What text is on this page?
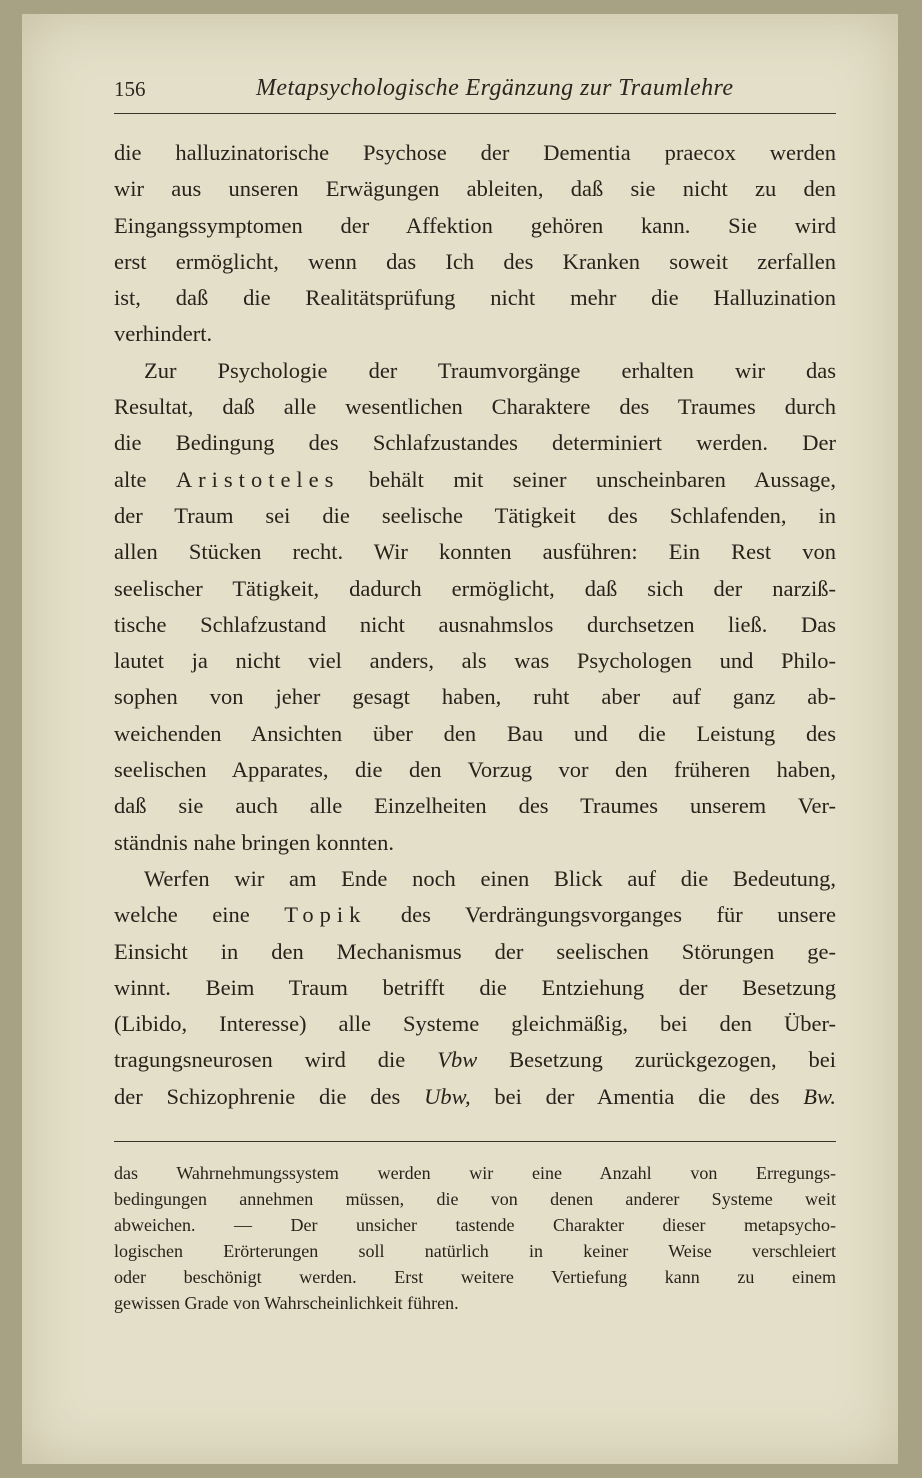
156	Metapsychologische Ergänzung zur Traumlehre

die halluzinatorische Psychose der Dementia praecox werden

wir aus unseren Erwägungen ableiten, daß sie nicht zu den

Eingangssymptomen der Affektion gehören kann. Sie wird

erst ermöglicht, wenn das Ich des Kranken soweit zerfallen

ist, daß die Realitätsprüfung nicht mehr die Halluzination

verhindert.

Zur Psychologie der Traumvorgänge erhalten wir das

Resultat, daß alle wesentlichen Charaktere des Traumes durch

die Bedingung des Schlafzustandes determiniert werden. Der

alte Aristoteles behält mit seiner unscheinbaren Aussage,

der Traum sei die seelische Tätigkeit des Schlafenden, in

allen Stücken recht. Wir konnten ausführen: Ein Rest von

seelischer Tätigkeit, dadurch ermöglicht, daß sich der narziß-

tische Schlafzustand nicht ausnahmslos durchsetzen ließ. Das

lautet ja nicht viel anders, als was Psychologen und Philo-

sophen von jeher gesagt haben, ruht aber auf ganz ab-

weichenden Ansichten über den Bau und die Leistung des

seelischen Apparates, die den Vorzug vor den früheren haben,

daß sie auch alle Einzelheiten des Traumes unserem Ver-

ständnis nahe bringen konnten.

Werfen wir am Ende noch einen Blick auf die Bedeutung,

welche eine Topik des Verdrängungsvorganges für unsere

Einsicht in den Mechanismus der seelischen Störungen ge-

winnt. Beim Traum betrifft die Entziehung der Besetzung

(Libido, Interesse) alle Systeme gleichmäßig, bei den Über-

tragungsneurosen wird die Vbw Besetzung zurückgezogen, bei

der Schizophrenie die des Ubw, bei der Amentia die des Bw.

das Wahrnehmungssystem werden wir eine Anzahl von Erregungs-

bedingungen annehmen müssen, die von denen anderer Systeme weit

abweichen. — Der unsicher tastende Charakter dieser metapsycho-

logischen Erörterungen soll natürlich in keiner Weise verschleiert

oder beschönigt werden. Erst weitere Vertiefung kann zu einem

gewissen Grade von Wahrscheinlichkeit führen.
